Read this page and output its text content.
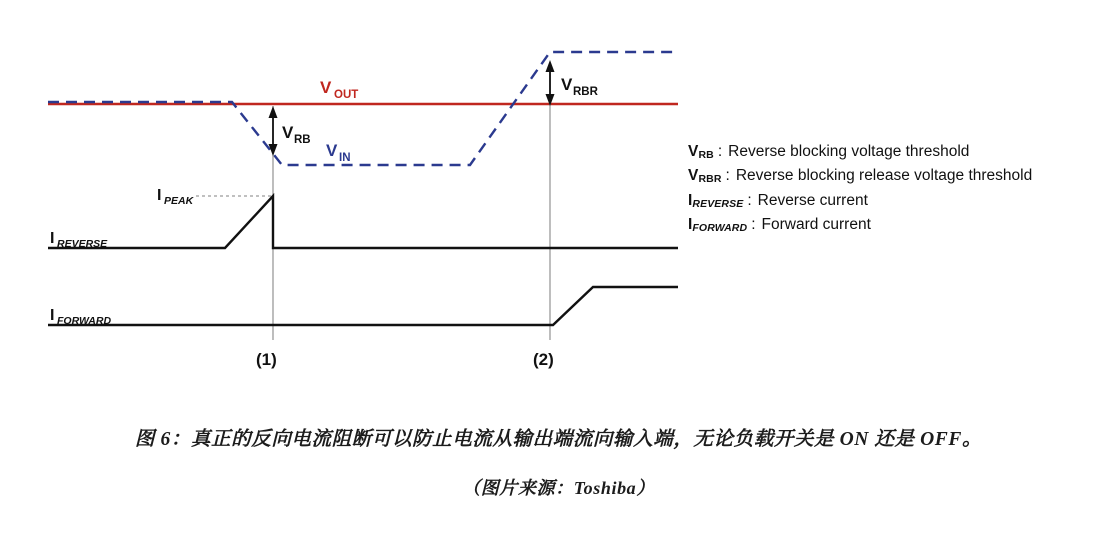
V OUT
V IN
V RB
V RBR
I PEAK
I REVERSE
I FORWARD
(1)	(2)
VRB : Reverse blocking voltage threshold
VRBR : Reverse blocking release voltage threshold
IREVERSE : Reverse current
IFORWARD : Forward current
图 6：真正的反向电流阻断可以防止电流从输出端流向输入端，无论负载开关是 ON 还是 OFF。
（图片来源：Toshiba）
